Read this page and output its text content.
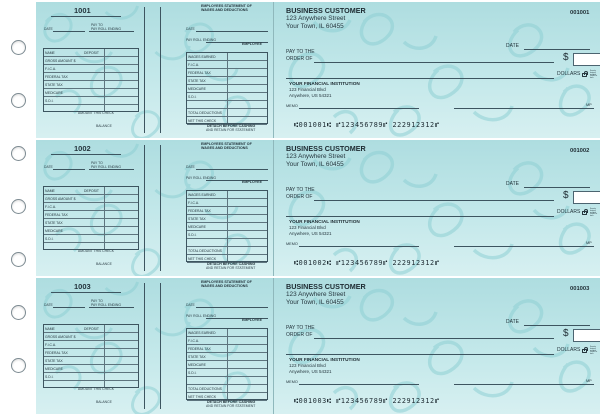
1001
DATE
PAY TO
PAY ROLL ENDING
NAME	DEPOSIT
GROSS AMOUNT $
F.I.C.A.
FEDERAL TAX
STATE TAX
MEDICARE
S.D.I.
AMOUNT THIS CHECK
BALANCE
EMPLOYEES STATEMENT OF
WAGES AND DEDUCTIONS
DATE
PAY ROLL ENDING
EMPLOYEE
WAGES EARNED
F.I.C.A.
FEDERAL TAX
STATE TAX
MEDICARE
S.D.I.
TOTAL DEDUCTIONS
NET THIS CHECK
DETACH BEFORE CASHING
AND RETAIN FOR STATEMENT
BUSINESS CUSTOMER
123 Anywhere Street
Your Town, IL 60455
001001
DATE
PAY TO THE
ORDER OF	$
DOLLARS	Security features included. Details on back.
YOUR FINANCIAL INSTITUTION
123 Financial Blvd
Anywhere, US 54321
MEMO	MP
⑆001001⑆ ⑈123456789⑈ 222912312⑈
1002
DATE
PAY TO
PAY ROLL ENDING
NAME	DEPOSIT
GROSS AMOUNT $
F.I.C.A.
FEDERAL TAX
STATE TAX
MEDICARE
S.D.I.
AMOUNT THIS CHECK
BALANCE
EMPLOYEES STATEMENT OF
WAGES AND DEDUCTIONS
DATE
PAY ROLL ENDING
EMPLOYEE
WAGES EARNED
F.I.C.A.
FEDERAL TAX
STATE TAX
MEDICARE
S.D.I.
TOTAL DEDUCTIONS
NET THIS CHECK
DETACH BEFORE CASHING
AND RETAIN FOR STATEMENT
BUSINESS CUSTOMER
123 Anywhere Street
Your Town, IL 60455
001002
DATE
PAY TO THE
ORDER OF	$
DOLLARS	Security features included. Details on back.
YOUR FINANCIAL INSTITUTION
123 Financial Blvd
Anywhere, US 54321
MEMO	MP
⑆001002⑆ ⑈123456789⑈ 222912312⑈
1003
DATE
PAY TO
PAY ROLL ENDING
NAME	DEPOSIT
GROSS AMOUNT $
F.I.C.A.
FEDERAL TAX
STATE TAX
MEDICARE
S.D.I.
AMOUNT THIS CHECK
BALANCE
EMPLOYEES STATEMENT OF
WAGES AND DEDUCTIONS
DATE
PAY ROLL ENDING
EMPLOYEE
WAGES EARNED
F.I.C.A.
FEDERAL TAX
STATE TAX
MEDICARE
S.D.I.
TOTAL DEDUCTIONS
NET THIS CHECK
DETACH BEFORE CASHING
AND RETAIN FOR STATEMENT
BUSINESS CUSTOMER
123 Anywhere Street
Your Town, IL 60455
001003
DATE
PAY TO THE
ORDER OF	$
DOLLARS	Security features included. Details on back.
YOUR FINANCIAL INSTITUTION
123 Financial Blvd
Anywhere, US 54321
MEMO	MP
⑆001003⑆ ⑈123456789⑈ 222912312⑈
